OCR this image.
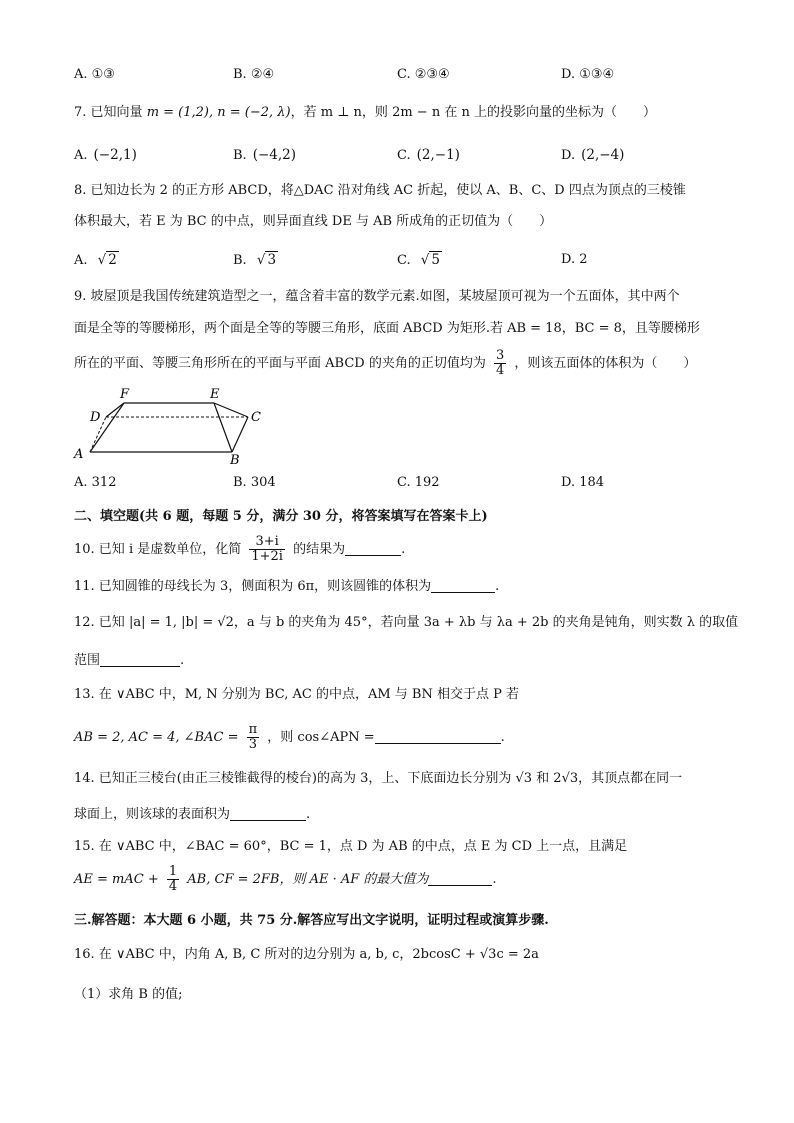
A. ①③	B. ②④	C. ②③④	D. ①③④
7. 已知向量 m = (1,2), n = (−2, λ)，若 m ⊥ n，则 2m − n 在 n 上的投影向量的坐标为（　　）
A. (−2,1)	B. (−4,2)	C. (2,−1)	D. (2,−4)
8. 已知边长为 2 的正方形 ABCD，将△DAC 沿对角线 AC 折起，使以 A、B、C、D 四点为顶点的三棱锥
体积最大，若 E 为 BC 的中点，则异面直线 DE 与 AB 所成角的正切值为（　　）
A. √ 2	B. √ 3	C. √ 5	D. 2
9. 坡屋顶是我国传统建筑造型之一，蕴含着丰富的数学元素.如图，某坡屋顶可视为一个五面体，其中两个
面是全等的等腰梯形，两个面是全等的等腰三角形，底面 ABCD 为矩形.若 AB = 18，BC = 8，且等腰梯形
所在的平面、等腰三角形所在的平面与平面 ABCD 的夹角的正切值均为 $\frac{3}{4}$ ，则该五面体的体积为（　　）
F	E
D	C
A	B
A. 312	B. 304	C. 192	D. 184
二、填空题(共 6 题，每题 5 分，满分 30 分，将答案填写在答案卡上)
10. 已知 i 是虚数单位，化简 $\frac{3+i}{1+2i}$ 的结果为	.
11. 已知圆锥的母线长为 3，侧面积为 6π，则该圆锥的体积为	.
12. 已知 |a| = 1, |b| = √2，a 与 b 的夹角为 45°，若向量 3a + λb 与 λa + 2b 的夹角是钝角，则实数 λ 的取值
范围	.
13. 在 ∨ABC 中，M, N 分别为 BC, AC 的中点，AM 与 BN 相交于点 P 若
AB = 2, AC = 4, ∠BAC = $\frac{\pi}{3}$ ，则 cos∠APN =	.
14. 已知正三棱台(由正三棱锥截得的棱台)的高为 3，上、下底面边长分别为 √3 和 2√3，其顶点都在同一
球面上，则该球的表面积为	.
15. 在 ∨ABC 中，∠BAC = 60°，BC = 1，点 D 为 AB 的中点，点 E 为 CD 上一点，且满足
AE = mAC + $\frac{1}{4}$ AB, CF = 2FB，则 AE · AF 的最大值为	.
三.解答题：本大题 6 小题，共 75 分.解答应写出文字说明，证明过程或演算步骤.
16. 在 ∨ABC 中，内角 A, B, C 所对的边分别为 a, b, c，2bcosC + √3c = 2a
（1）求角 B 的值;
